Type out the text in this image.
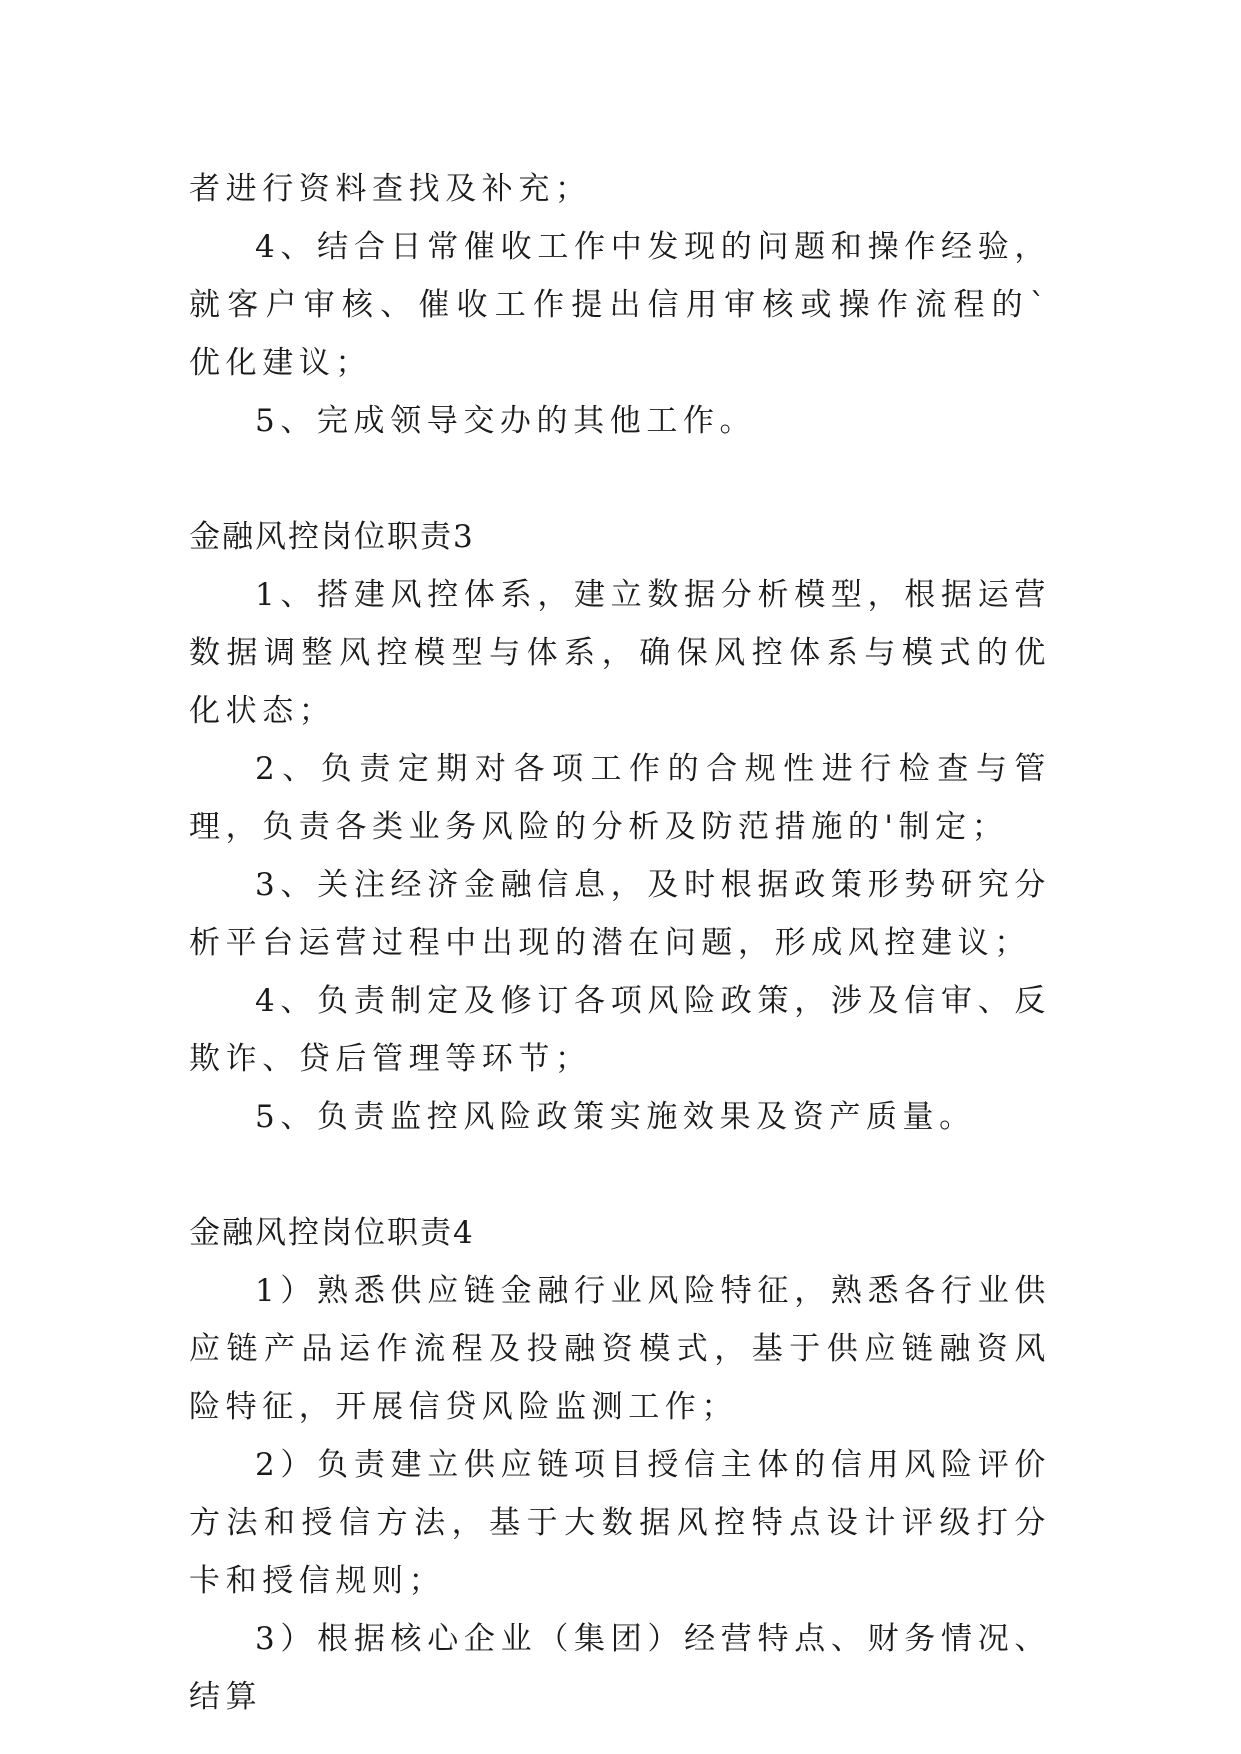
者进行资料查找及补充；

4、结合日常催收工作中发现的问题和操作经验，就客户审核、催收工作提出信用审核或操作流程的`优化建议；

5、完成领导交办的其他工作。

金融风控岗位职责3

1、搭建风控体系，建立数据分析模型，根据运营数据调整风控模型与体系，确保风控体系与模式的优化状态；

2、负责定期对各项工作的合规性进行检查与管理，负责各类业务风险的分析及防范措施的'制定；

3、关注经济金融信息，及时根据政策形势研究分析平台运营过程中出现的潜在问题，形成风控建议；

4、负责制定及修订各项风险政策，涉及信审、反欺诈、贷后管理等环节；

5、负责监控风险政策实施效果及资产质量。

金融风控岗位职责4

1）熟悉供应链金融行业风险特征，熟悉各行业供应链产品运作流程及投融资模式，基于供应链融资风险特征，开展信贷风险监测工作；

2）负责建立供应链项目授信主体的信用风险评价方法和授信方法，基于大数据风控特点设计评级打分卡和授信规则；

3）根据核心企业（集团）经营特点、财务情况、结算
